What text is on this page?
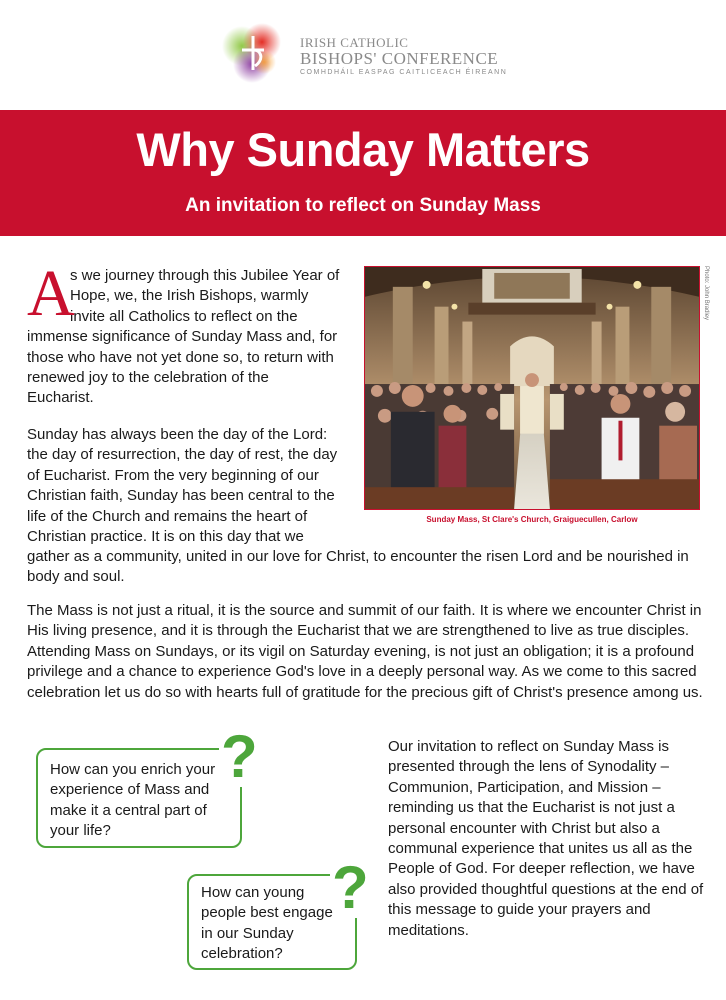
IRISH CATHOLIC
BISHOPS' CONFERENCE
COMHDHÁIL EASPAG CAITLICEACH ÉIREANN
Why Sunday Matters
An invitation to reflect on Sunday Mass
A
s we journey through this Jubilee Year of
Hope, we, the Irish Bishops, warmly
invite all Catholics to reflect on the
immense significance of Sunday Mass and, for
those who have not yet done so, to return with
renewed joy to the celebration of the
Eucharist.
Sunday has always been the day of the Lord:
the day of resurrection, the day of rest, the day
of Eucharist. From the very beginning of our
Christian faith, Sunday has been central to the
life of the Church and remains the heart of
Christian practice. It is on this day that we
gather as a community, united in our love for Christ, to encounter the risen Lord and be nourished in body and soul.
The Mass is not just a ritual, it is the source and summit of our faith. It is where we encounter Christ in His living presence, and it is through the Eucharist that we are strengthened to live as true disciples. Attending Mass on Sundays, or its vigil on Saturday evening, is not just an obligation; it is a profound privilege and a chance to experience God's love in a deeply personal way. As we come to this sacred celebration let us do so with hearts full of gratitude for the precious gift of Christ's presence among us.
Photo: John Bradley
Sunday Mass, St Clare's Church, Graiguecullen, Carlow
?
How can you enrich your experience of Mass and make it a central part of your life?
?
How can young people best engage in our Sunday celebration?
Our invitation to reflect on Sunday Mass is presented through the lens of Synodality – Communion, Participation, and Mission – reminding us that the Eucharist is not just a personal encounter with Christ but also a communal experience that unites us all as the People of God. For deeper reflection, we have also provided thoughtful questions at the end of this message to guide your prayers and meditations.
